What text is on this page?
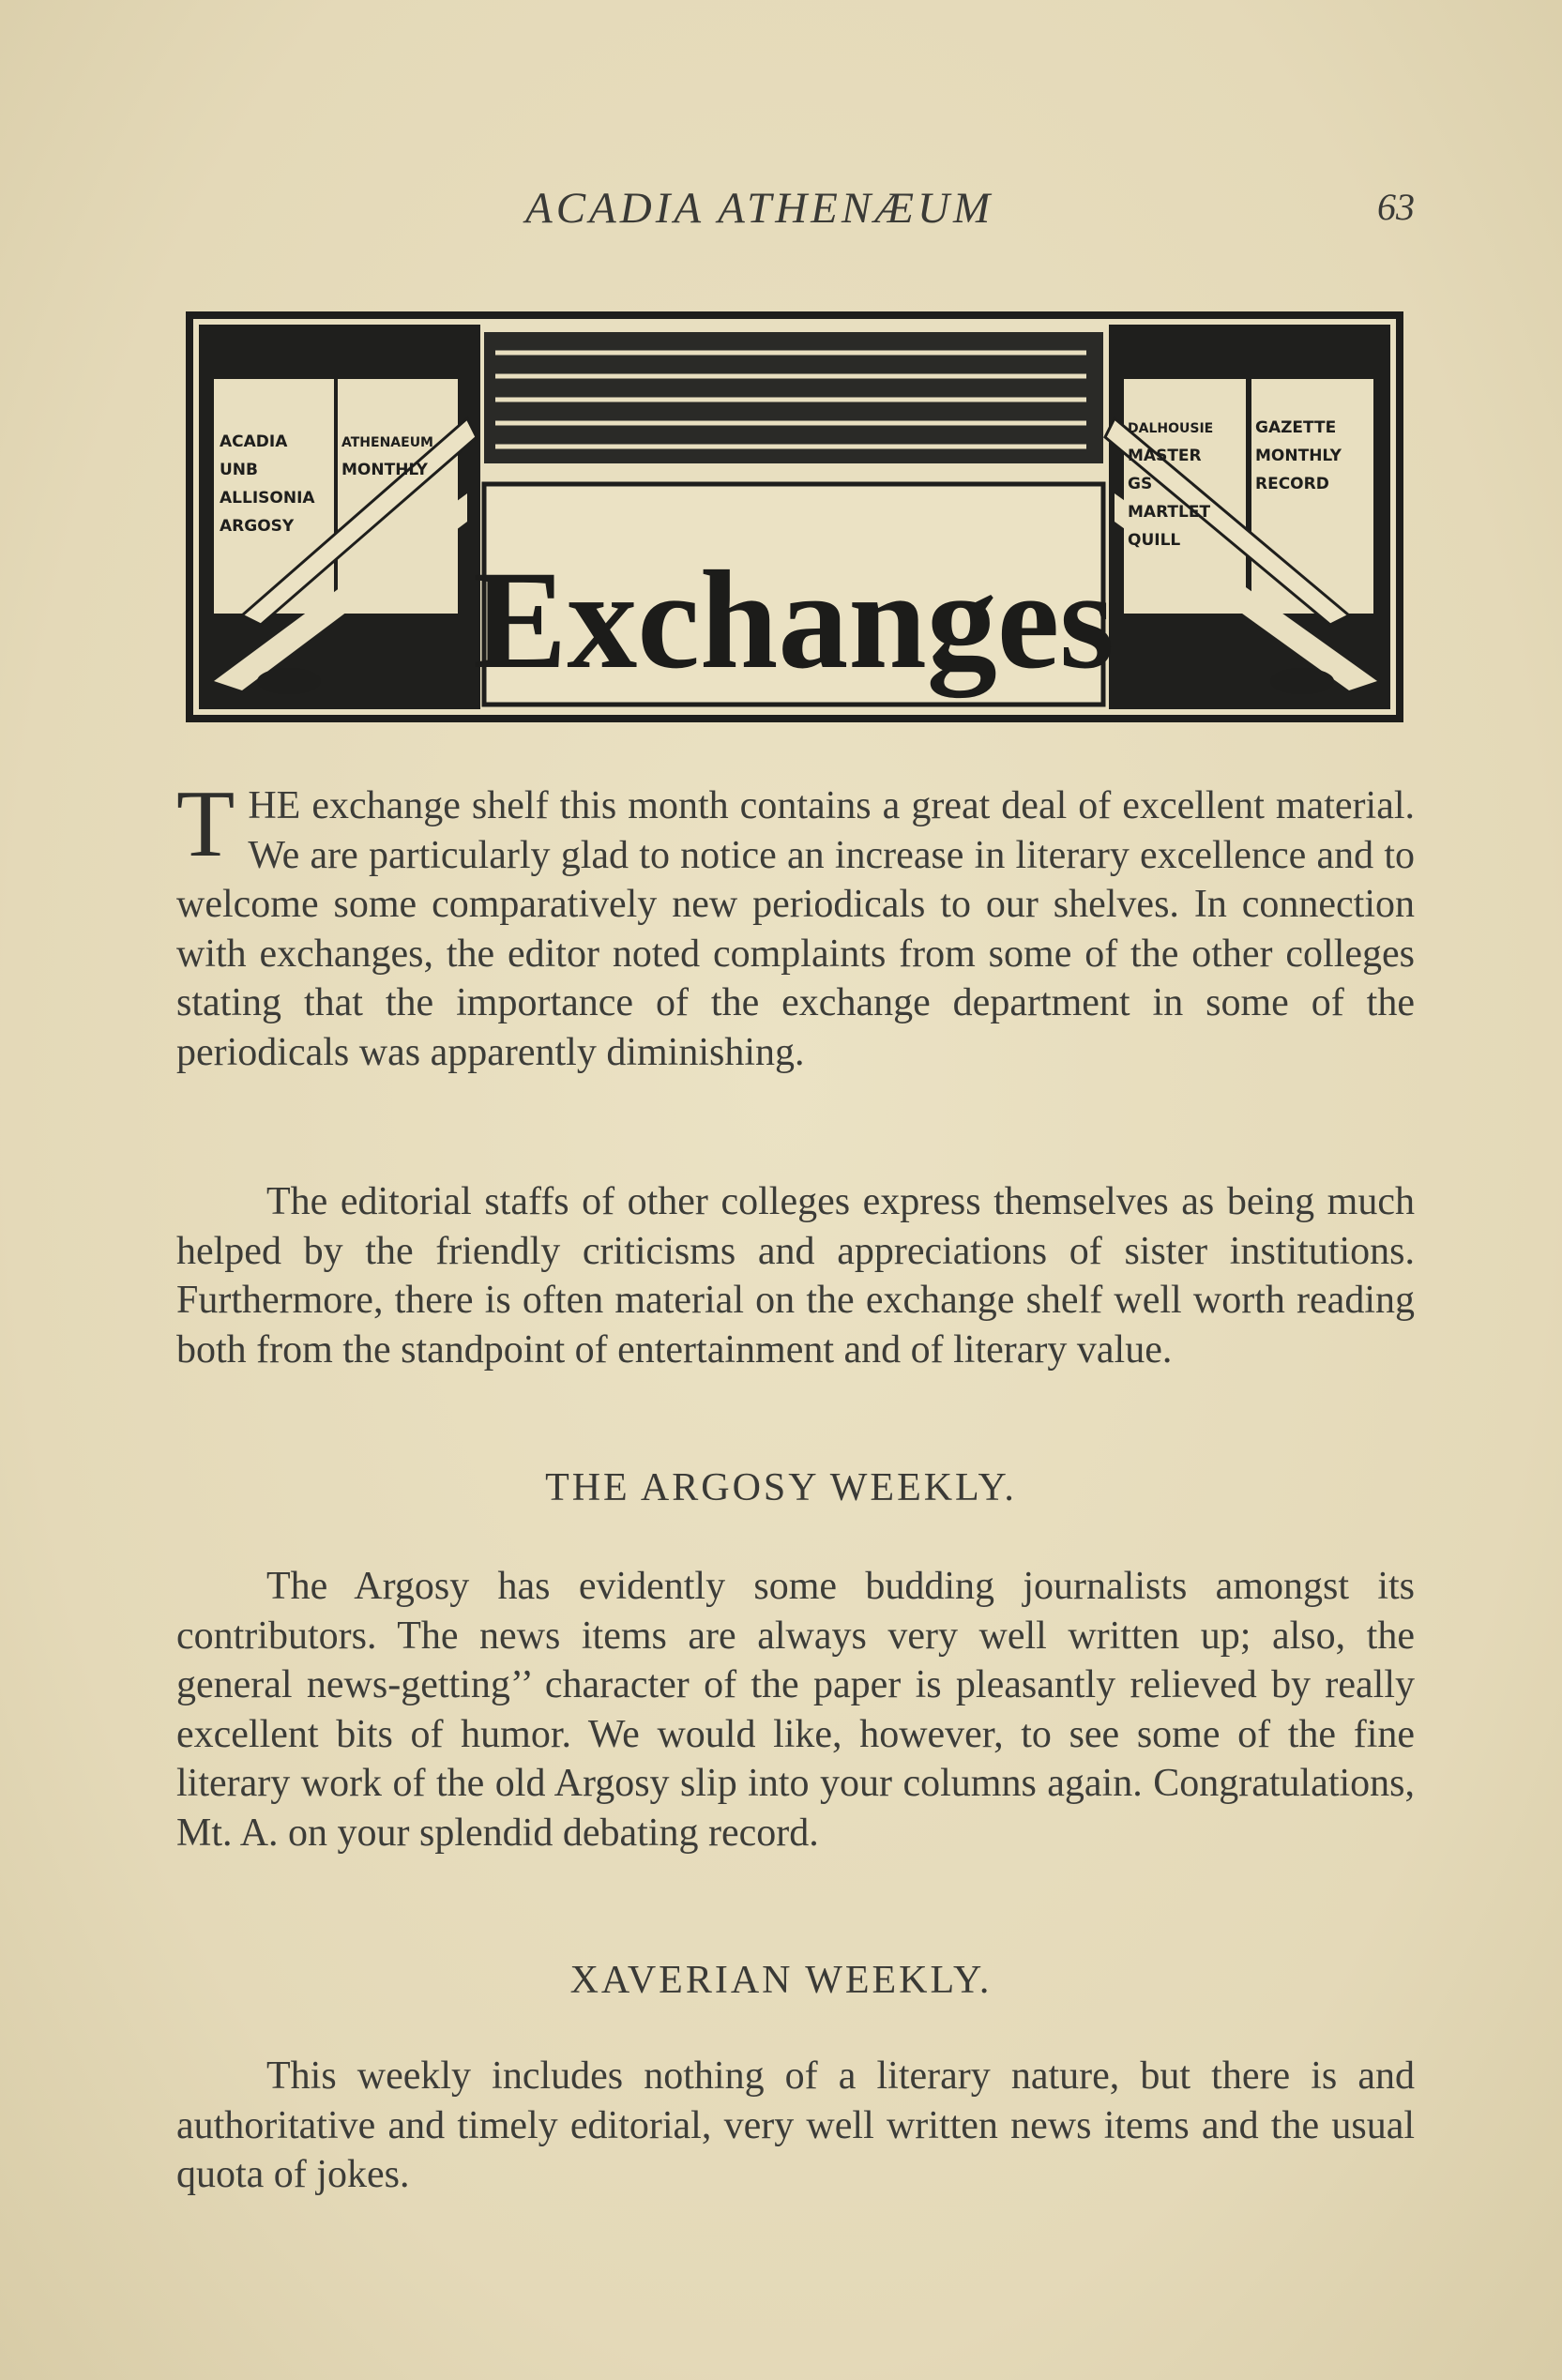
ACADIA ATHENÆUM	63
ACADIA
UNB
ALLISONIA
ARGOSY
ATHENAEUM
MONTHLY
DALHOUSIE
MASTER
GS
MARTLET
QUILL
GAZETTE
MONTHLY
RECORD
Exchanges

THE exchange shelf this month contains a great deal of excellent material. We are particularly glad to notice an increase in literary excellence and to welcome some comparatively new periodicals to our shelves. In connection with exchanges, the editor noted complaints from some of the other colleges stating that the importance of the exchange department in some of the periodicals was apparently diminishing.

The editorial staffs of other colleges express themselves as being much helped by the friendly criticisms and appreciations of sister institutions. Furthermore, there is often material on the exchange shelf well worth reading both from the standpoint of entertainment and of literary value.

THE ARGOSY WEEKLY.

The Argosy has evidently some budding journalists amongst its contributors. The news items are always very well written up; also, the general news-getting’’ character of the paper is pleasantly relieved by really excellent bits of humor. We would like, however, to see some of the fine literary work of the old Argosy slip into your columns again. Congratulations, Mt. A. on your splendid debating record.

XAVERIAN WEEKLY.

This weekly includes nothing of a literary nature, but there is and authoritative and timely editorial, very well written news items and the usual quota of jokes.
